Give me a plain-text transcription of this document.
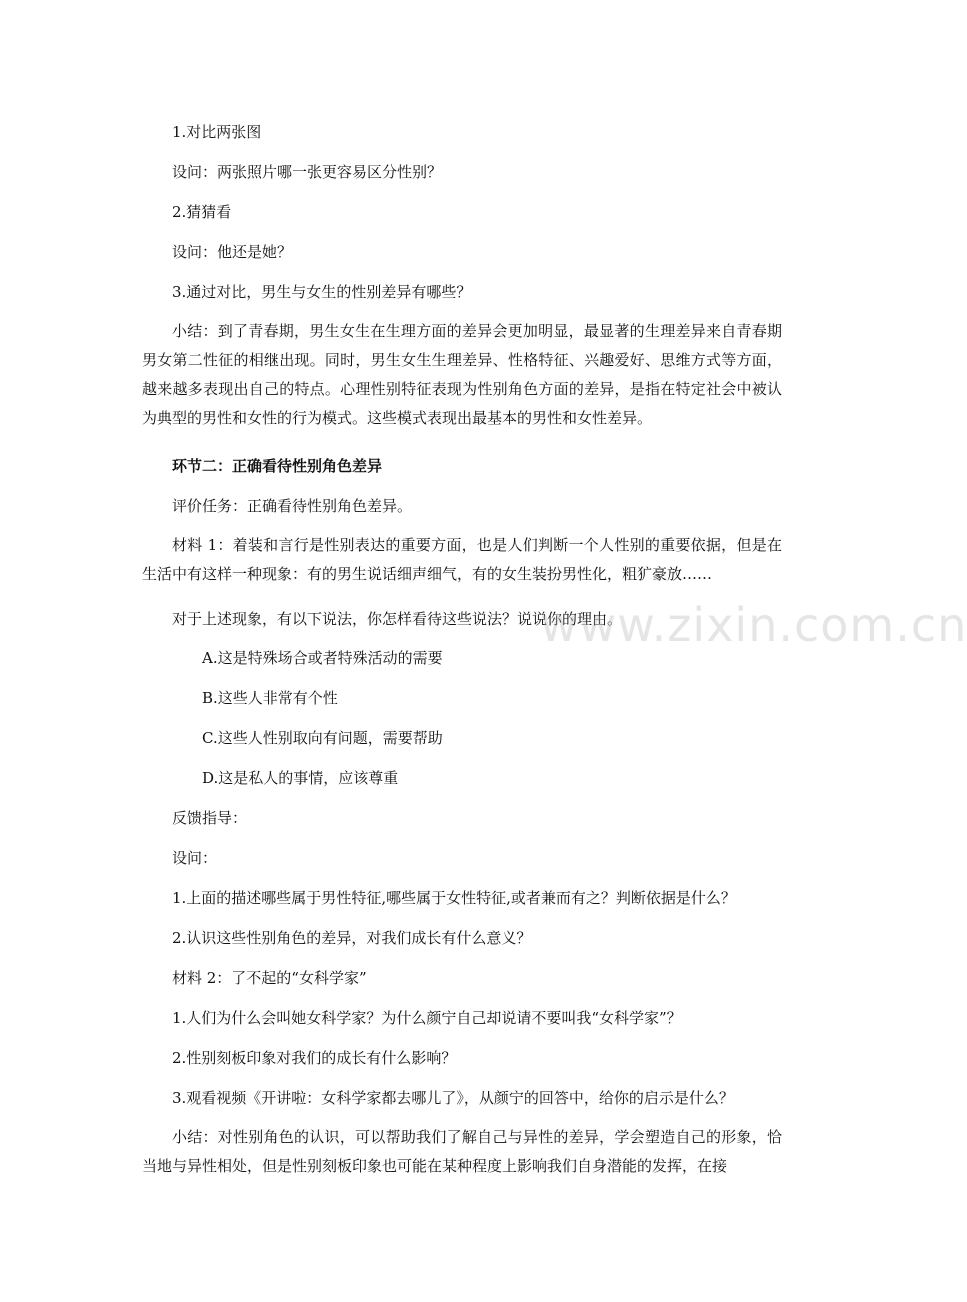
1.对比两张图
设问：两张照片哪一张更容易区分性别？
2.猜猜看
设问：他还是她？
3.通过对比，男生与女生的性别差异有哪些？
小结：到了青春期，男生女生在生理方面的差异会更加明显，最显著的生理差异来自青春期男女第二性征的相继出现。同时，男生女生生理差异、性格特征、兴趣爱好、思维方式等方面，越来越多表现出自己的特点。心理性别特征表现为性别角色方面的差异，是指在特定社会中被认为典型的男性和女性的行为模式。这些模式表现出最基本的男性和女性差异。
环节二：正确看待性别角色差异
评价任务：正确看待性别角色差异。
材料 1：着装和言行是性别表达的重要方面，也是人们判断一个人性别的重要依据，但是在生活中有这样一种现象：有的男生说话细声细气，有的女生装扮男性化，粗犷豪放……
对于上述现象，有以下说法，你怎样看待这些说法？说说你的理由。
A.这是特殊场合或者特殊活动的需要
B.这些人非常有个性
C.这些人性别取向有问题，需要帮助
D.这是私人的事情，应该尊重
反馈指导：
设问：
1.上面的描述哪些属于男性特征,哪些属于女性特征,或者兼而有之？判断依据是什么？
2.认识这些性别角色的差异，对我们成长有什么意义？
材料 2：了不起的“女科学家”
1.人们为什么会叫她女科学家？为什么颜宁自己却说请不要叫我“女科学家”？
2.性别刻板印象对我们的成长有什么影响？
3.观看视频《开讲啦：女科学家都去哪儿了》，从颜宁的回答中，给你的启示是什么？
小结：对性别角色的认识，可以帮助我们了解自己与异性的差异，学会塑造自己的形象，恰当地与异性相处，但是性别刻板印象也可能在某种程度上影响我们自身潜能的发挥，在接
www.zixin.com.cn
